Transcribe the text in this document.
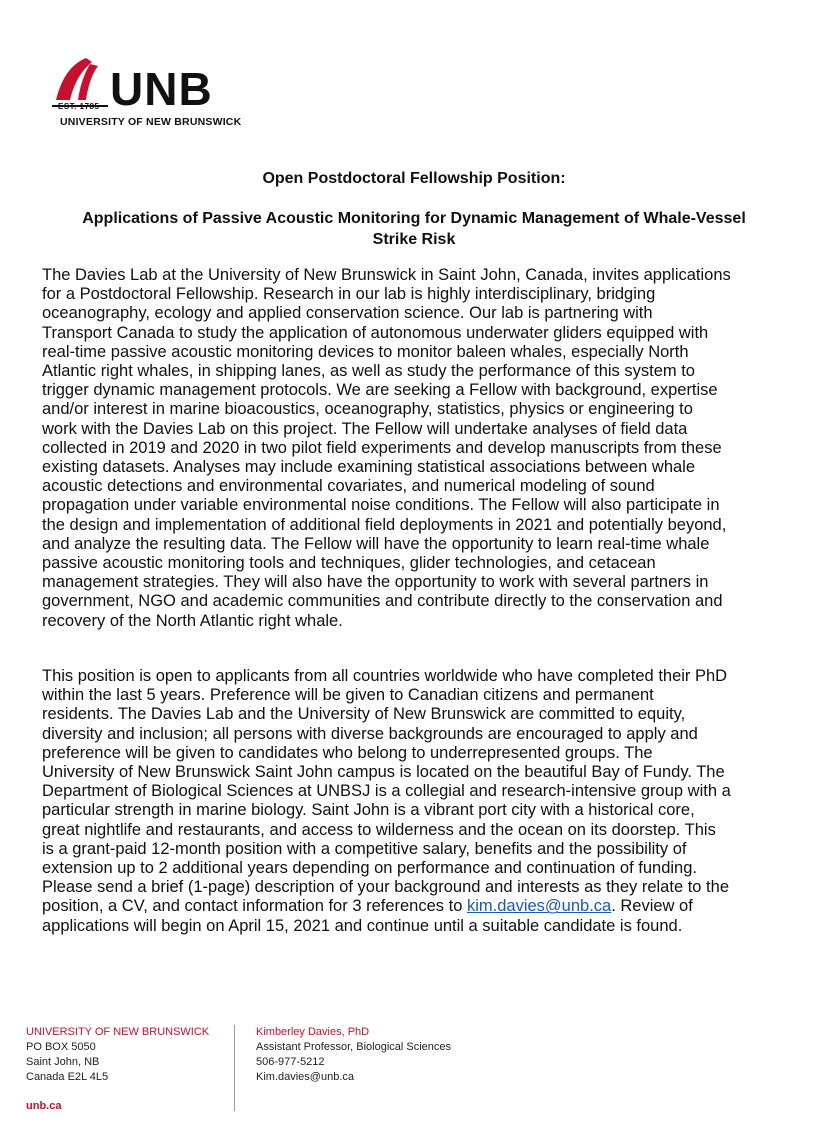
UNB
EST. 1785
UNIVERSITY OF NEW BRUNSWICK
Open Postdoctoral Fellowship Position:
Applications of Passive Acoustic Monitoring for Dynamic Management of Whale-Vessel
Strike Risk
The Davies Lab at the University of New Brunswick in Saint John, Canada, invites applications
for a Postdoctoral Fellowship. Research in our lab is highly interdisciplinary, bridging
oceanography, ecology and applied conservation science. Our lab is partnering with
Transport Canada to study the application of autonomous underwater gliders equipped with
real-time passive acoustic monitoring devices to monitor baleen whales, especially North
Atlantic right whales, in shipping lanes, as well as study the performance of this system to
trigger dynamic management protocols. We are seeking a Fellow with background, expertise
and/or interest in marine bioacoustics, oceanography, statistics, physics or engineering to
work with the Davies Lab on this project. The Fellow will undertake analyses of field data
collected in 2019 and 2020 in two pilot field experiments and develop manuscripts from these
existing datasets. Analyses may include examining statistical associations between whale
acoustic detections and environmental covariates, and numerical modeling of sound
propagation under variable environmental noise conditions. The Fellow will also participate in
the design and implementation of additional field deployments in 2021 and potentially beyond,
and analyze the resulting data. The Fellow will have the opportunity to learn real-time whale
passive acoustic monitoring tools and techniques, glider technologies, and cetacean
management strategies. They will also have the opportunity to work with several partners in
government, NGO and academic communities and contribute directly to the conservation and
recovery of the North Atlantic right whale.
This position is open to applicants from all countries worldwide who have completed their PhD
within the last 5 years. Preference will be given to Canadian citizens and permanent
residents. The Davies Lab and the University of New Brunswick are committed to equity,
diversity and inclusion; all persons with diverse backgrounds are encouraged to apply and
preference will be given to candidates who belong to underrepresented groups. The
University of New Brunswick Saint John campus is located on the beautiful Bay of Fundy. The
Department of Biological Sciences at UNBSJ is a collegial and research-intensive group with a
particular strength in marine biology. Saint John is a vibrant port city with a historical core,
great nightlife and restaurants, and access to wilderness and the ocean on its doorstep. This
is a grant-paid 12-month position with a competitive salary, benefits and the possibility of
extension up to 2 additional years depending on performance and continuation of funding.
Please send a brief (1-page) description of your background and interests as they relate to the
position, a CV, and contact information for 3 references to kim.davies@unb.ca. Review of
applications will begin on April 15, 2021 and continue until a suitable candidate is found.
UNIVERSITY OF NEW BRUNSWICK
PO BOX 5050
Saint John, NB
Canada E2L 4L5
Kimberley Davies, PhD
Assistant Professor, Biological Sciences
506-977-5212
Kim.davies@unb.ca
unb.ca
